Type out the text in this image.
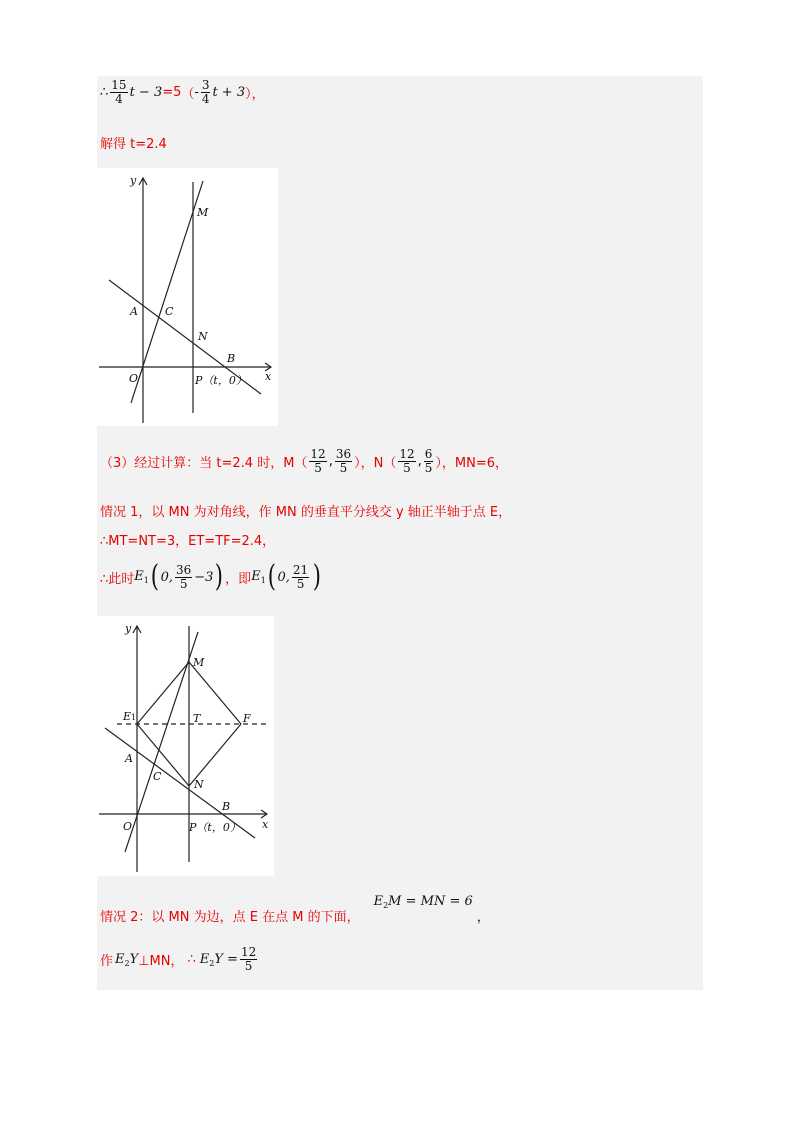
∴ $\frac{15}{4}$ t − 3 =5 （ - $\frac{3}{4}$ t + 3 ），
解得 t=2.4
y
x
M
A C
N
B
O	P（t，0）
（3）经过计算：当 t=2.4 时，$M( \frac{12}{5}$ , $\frac{36}{5}$ ），$N( \frac{12}{5}$ , $\frac{6}{5}$ ），MN=6，
情况 1，以 MN 为对角线，作 MN 的垂直平分线交 y 轴正半轴于点 E，
∴MT=NT=3，ET=TF=2.4，
∴此时 $E_1$ ( 0, $\frac{36}{5} -3$ ) ，即 $E_1$ ( 0, $\frac{21}{5}$ )
y
x
M
E1	T	F
A
C
N
B
O	P（t，0）
情况 2：以 MN 为边，点 E 在点 M 的下面，
$E_2M$ = MN = 6
，
作 $E_2Y$ ⊥MN， ∴ $E_2Y = \frac{12}{5}$
